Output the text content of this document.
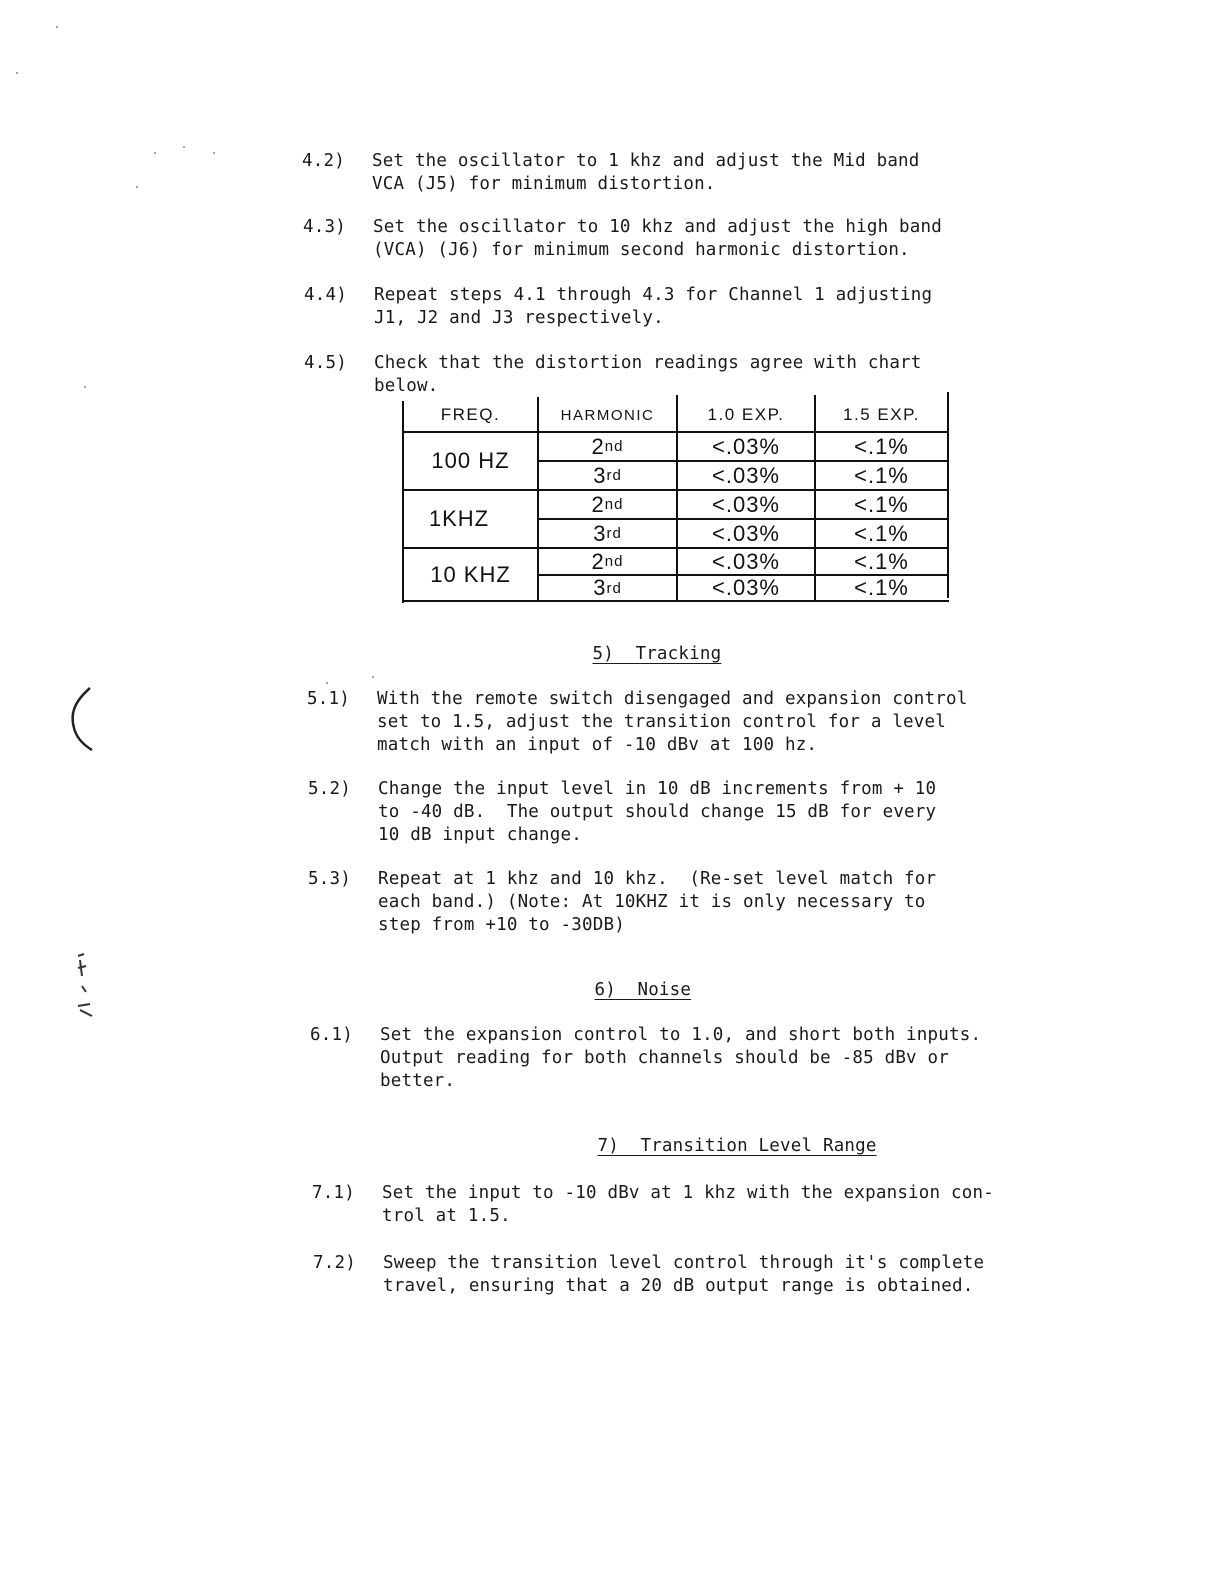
4.2)	Set the oscillator to 1 khz and adjust the Mid band
VCA (J5) for minimum distortion.
4.3)	Set the oscillator to 10 khz and adjust the high band
(VCA) (J6) for minimum second harmonic distortion.
4.4)	Repeat steps 4.1 through 4.3 for Channel 1 adjusting
J1, J2 and J3 respectively.
4.5)	Check that the distortion readings agree with chart
below.
FREQ.	HARMONIC	1.0 EXP.	1.5 EXP.
100 HZ
2 nd	<.03%	<.1%
3 rd	<.03%	<.1%
1KHZ
2 nd	<.03%	<.1%
3 rd	<.03%	<.1%
10 KHZ
2 nd	<.03%	<.1%
3 rd	<.03%	<.1%

5) Tracking

5.1)	With the remote switch disengaged and expansion control
set to 1.5, adjust the transition control for a level
match with an input of -10 dBv at 100 hz.
5.2)	Change the input level in 10 dB increments from + 10
to -40 dB.  The output should change 15 dB for every
10 dB input change.
5.3)	Repeat at 1 khz and 10 khz.  (Re-set level match for
each band.) (Note: At 10KHZ it is only necessary to
step from +10 to -30DB)

6) Noise

6.1)	Set the expansion control to 1.0, and short both inputs.
Output reading for both channels should be -85 dBv or
better.

7) Transition Level Range

7.1)	Set the input to -10 dBv at 1 khz with the expansion con-
trol at 1.5.
7.2)	Sweep the transition level control through it's complete
travel, ensuring that a 20 dB output range is obtained.
